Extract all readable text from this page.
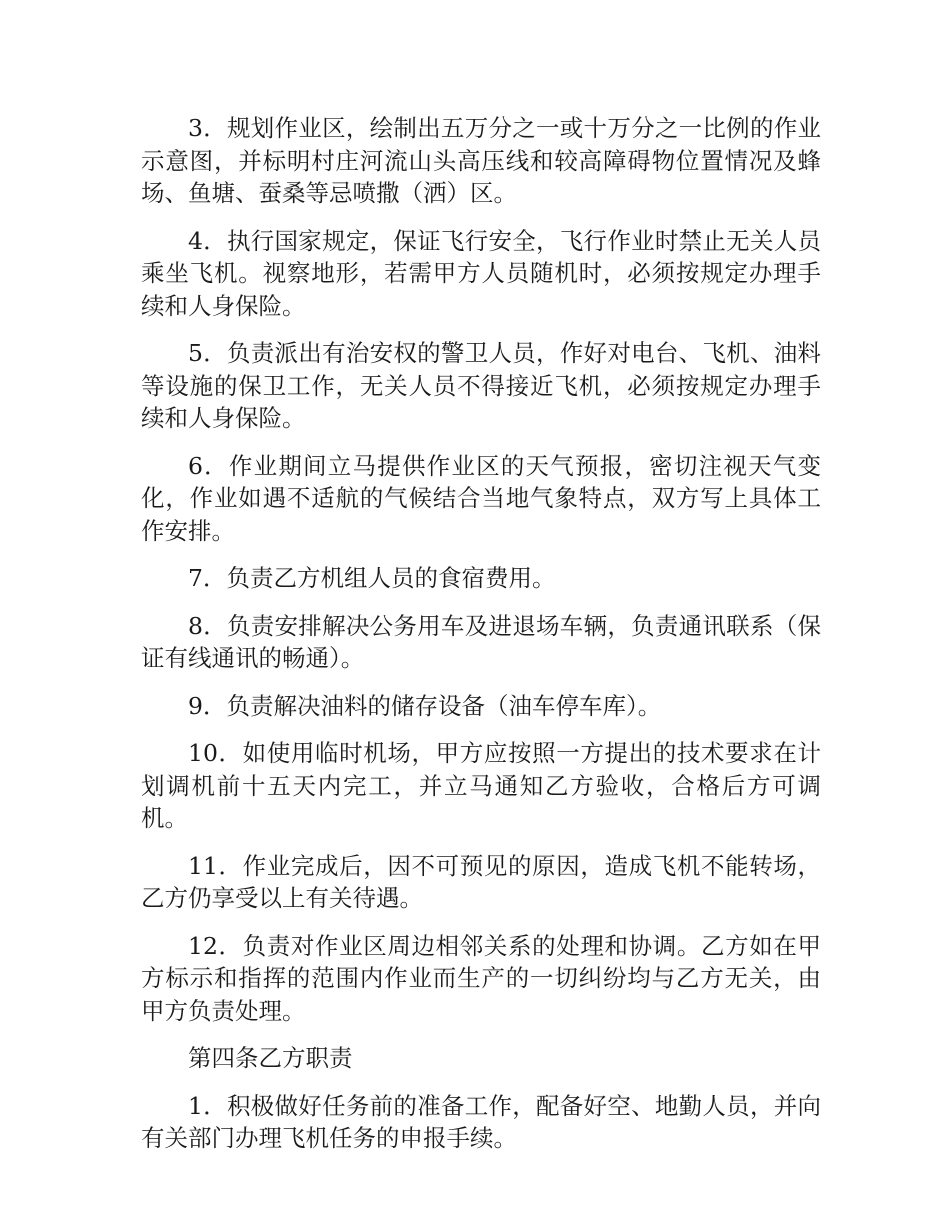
3．规划作业区，绘制出五万分之一或十万分之一比例的作业示意图，并标明村庄河流山头高压线和较高障碍物位置情况及蜂场、鱼塘、蚕桑等忌喷撒（洒）区。

4．执行国家规定，保证飞行安全，飞行作业时禁止无关人员乘坐飞机。视察地形，若需甲方人员随机时，必须按规定办理手续和人身保险。

5．负责派出有治安权的警卫人员，作好对电台、飞机、油料等设施的保卫工作，无关人员不得接近飞机，必须按规定办理手续和人身保险。

6．作业期间立马提供作业区的天气预报，密切注视天气变化，作业如遇不适航的气候结合当地气象特点，双方写上具体工作安排。

7．负责乙方机组人员的食宿费用。

8．负责安排解决公务用车及进退场车辆，负责通讯联系（保证有线通讯的畅通）。

9．负责解决油料的储存设备（油车停车库）。

10．如使用临时机场，甲方应按照一方提出的技术要求在计划调机前十五天内完工，并立马通知乙方验收，合格后方可调机。

11．作业完成后，因不可预见的原因，造成飞机不能转场，乙方仍享受以上有关待遇。

12．负责对作业区周边相邻关系的处理和协调。乙方如在甲方标示和指挥的范围内作业而生产的一切纠纷均与乙方无关，由甲方负责处理。

第四条乙方职责

1．积极做好任务前的准备工作，配备好空、地勤人员，并向有关部门办理飞机任务的申报手续。
